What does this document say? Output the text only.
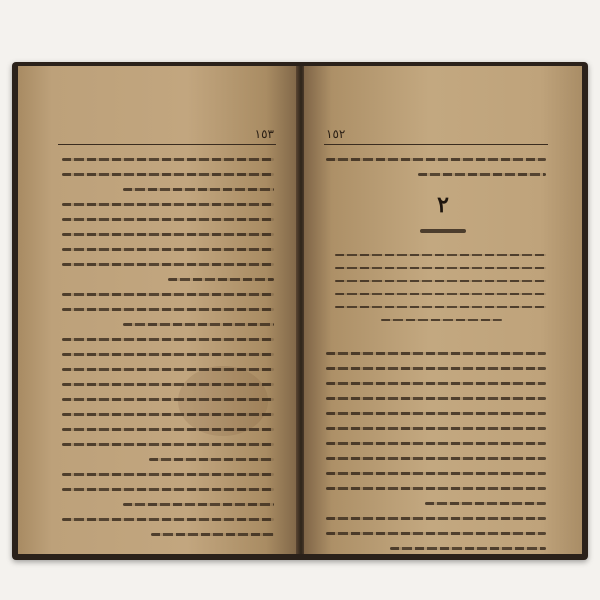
١٥٣	١٥٢
٢
